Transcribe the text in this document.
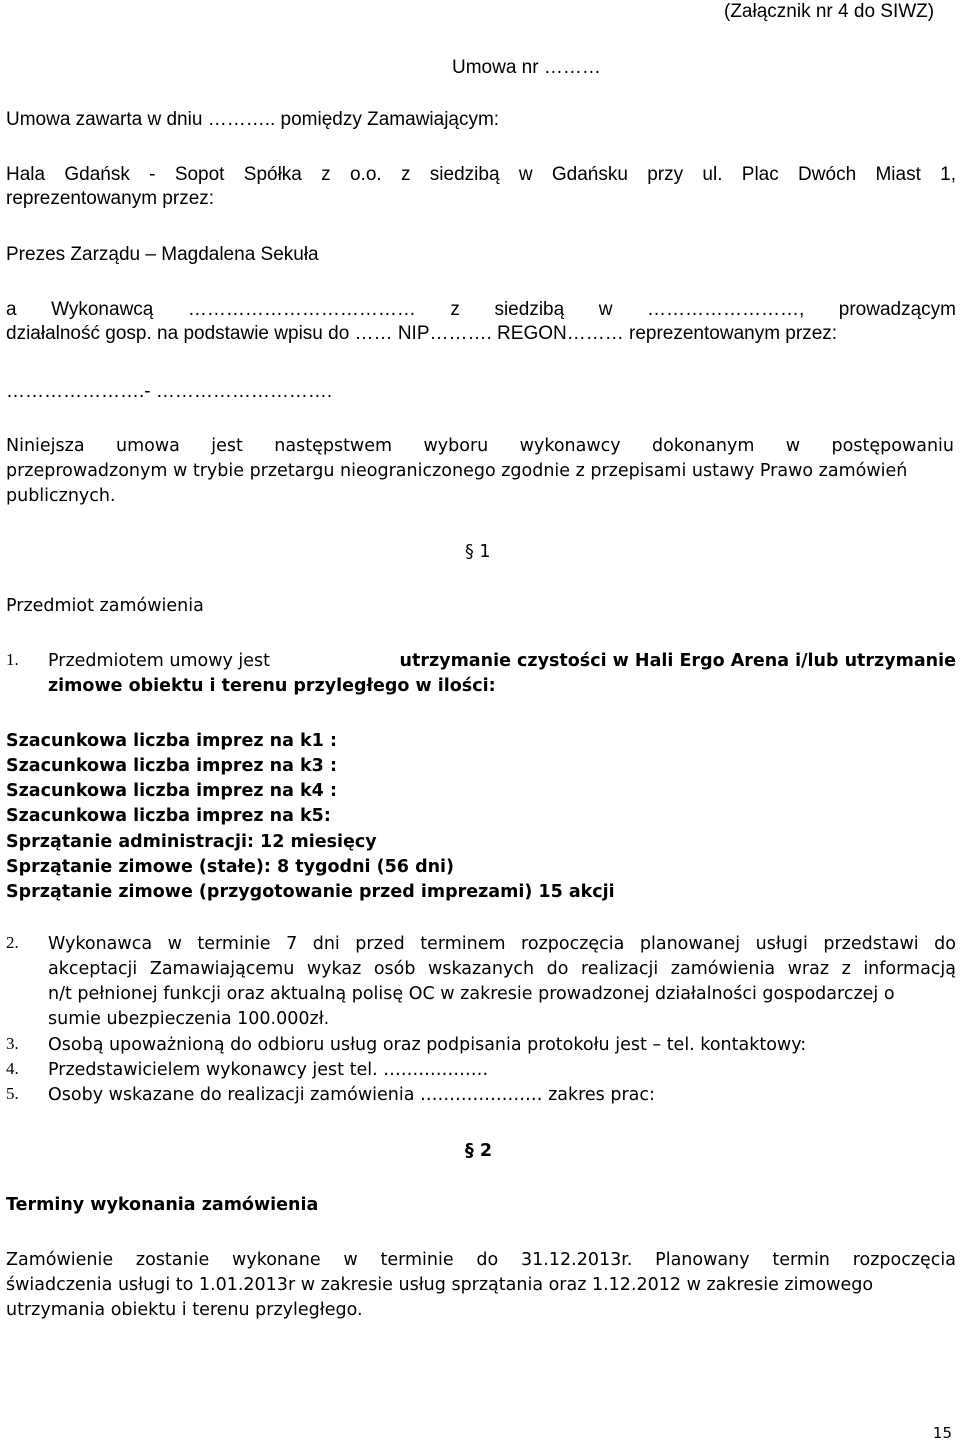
(Załącznik nr 4 do SIWZ)
Umowa nr ………
Umowa zawarta w dniu ……….. pomiędzy Zamawiającym:
Hala Gdańsk - Sopot Spółka z o.o. z siedzibą w Gdańsku przy ul. Plac Dwóch Miast 1,
reprezentowanym przez:
Prezes Zarządu – Magdalena Sekuła
a Wykonawcą ……………………………… z siedzibą w ……………………, prowadzącym
działalność gosp. na podstawie wpisu do …… NIP………. REGON……… reprezentowanym przez:
………………….- ……………………….
Niniejsza umowa jest następstwem wyboru wykonawcy dokonanym w postępowaniu
przeprowadzonym w trybie przetargu nieograniczonego zgodnie z przepisami ustawy Prawo zamówień
publicznych.
§ 1
Przedmiot zamówienia
1. Przedmiotem umowy jest	utrzymanie czystości w Hali Ergo Arena i/lub utrzymanie
zimowe obiektu i terenu przyległego w ilości:
Szacunkowa liczba imprez na k1 :
Szacunkowa liczba imprez na k3 :
Szacunkowa liczba imprez na k4 :
Szacunkowa liczba imprez na k5:
Sprzątanie administracji: 12 miesięcy
Sprzątanie zimowe (stałe): 8 tygodni (56 dni)
Sprzątanie zimowe (przygotowanie przed imprezami) 15 akcji
2. Wykonawca w terminie 7 dni przed terminem rozpoczęcia planowanej usługi przedstawi do
akceptacji Zamawiającemu wykaz osób wskazanych do realizacji zamówienia wraz z informacją
n/t pełnionej funkcji oraz aktualną polisę OC w zakresie prowadzonej działalności gospodarczej o
sumie ubezpieczenia 100.000zł.
3. Osobą upoważnioną do odbioru usług oraz podpisania protokołu jest – tel. kontaktowy:
4. Przedstawicielem wykonawcy jest tel. ………………
5. Osoby wskazane do realizacji zamówienia ………………… zakres prac:
§ 2
Terminy wykonania zamówienia
Zamówienie zostanie wykonane w terminie do 31.12.2013r. Planowany termin rozpoczęcia
świadczenia usługi to 1.01.2013r w zakresie usług sprzątania oraz 1.12.2012 w zakresie zimowego
utrzymania obiektu i terenu przyległego.
15
